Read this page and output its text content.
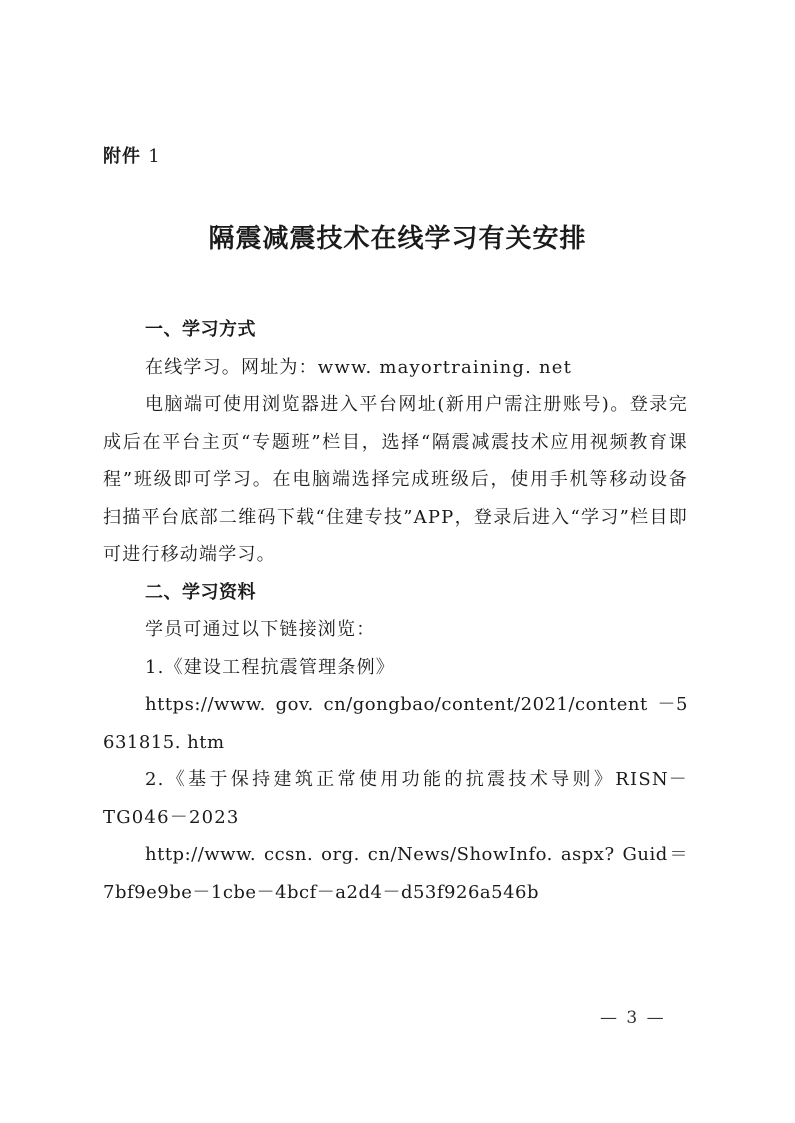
附件 1
隔震减震技术在线学习有关安排

一、学习方式

在线学习。网址为：www. mayortraining. net

电脑端可使用浏览器进入平台网址(新用户需注册账号)。登录完成后在平台主页“专题班”栏目，选择“隔震减震技术应用视频教育课程”班级即可学习。在电脑端选择完成班级后，使用手机等移动设备扫描平台底部二维码下载“住建专技”APP，登录后进入“学习”栏目即可进行移动端学习。

二、学习资料

学员可通过以下链接浏览：

1.《建设工程抗震管理条例》

https://www. gov. cn/gongbao/content/2021/content －5631815. htm

2.《基于保持建筑正常使用功能的抗震技术导则》RISN－TG046－2023

http://www. ccsn. org. cn/News/ShowInfo. aspx? Guid＝7bf9e9be－1cbe－4bcf－a2d4－d53f926a546b

— 3 —
